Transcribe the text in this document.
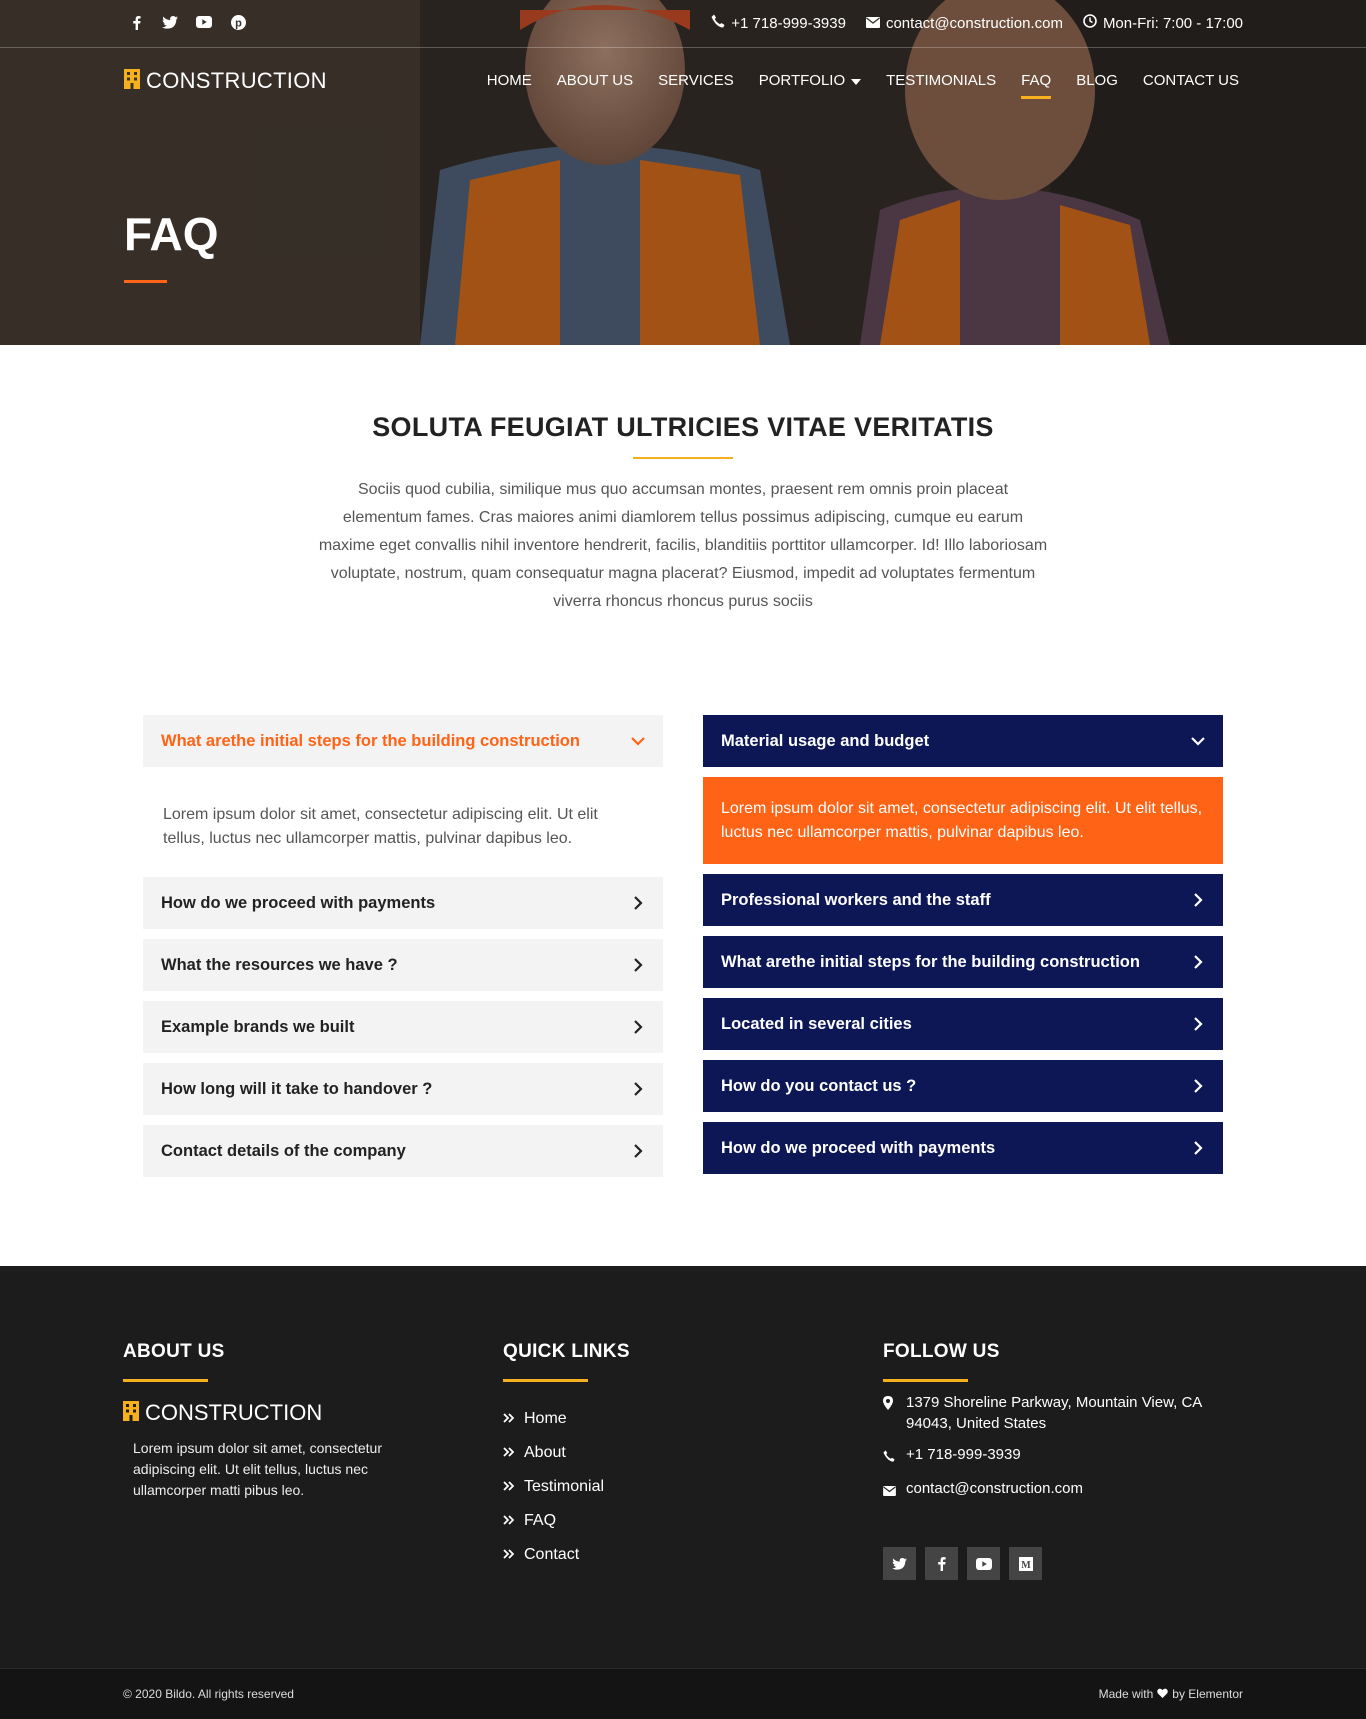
p	+1 718-999-3939	contact@construction.com	Mon-Fri: 7:00 - 17:00
CONSTRUCTION	HOME ABOUT US SERVICES PORTFOLIO	TESTIMONIALS FAQ BLOG CONTACT US
FAQ
SOLUTA FEUGIAT ULTRICIES VITAE VERITATIS

Sociis quod cubilia, similique mus quo accumsan montes, praesent rem omnis proin placeat elementum fames. Cras maiores animi diamlorem tellus possimus adipiscing, cumque eu earum maxime eget convallis nihil inventore hendrerit, facilis, blanditiis porttitor ullamcorper. Id! Illo laboriosam voluptate, nostrum, quam consequatur magna placerat? Eiusmod, impedit ad voluptates fermentum viverra rhoncus rhoncus purus sociis

What arethe initial steps for the building construction
Lorem ipsum dolor sit amet, consectetur adipiscing elit. Ut elit tellus, luctus nec ullamcorper mattis, pulvinar dapibus leo.
How do we proceed with payments
What the resources we have ?
Example brands we built
How long will it take to handover ?
Contact details of the company
Material usage and budget
Lorem ipsum dolor sit amet, consectetur adipiscing elit. Ut elit tellus, luctus nec ullamcorper mattis, pulvinar dapibus leo.
Professional workers and the staff
What arethe initial steps for the building construction
Located in several cities
How do you contact us ?
How do we proceed with payments
ABOUT US
CONSTRUCTION

Lorem ipsum dolor sit amet, consectetur adipiscing elit. Ut elit tellus, luctus nec ullamcorper matti pibus leo.

QUICK LINKS
Home
About
Testimonial
FAQ
Contact
FOLLOW US
1379 Shoreline Parkway, Mountain View, CA 94043, United States
+1 718-999-3939
contact@construction.com
M
© 2020 Bildo. All rights reserved	Made with by Elementor
